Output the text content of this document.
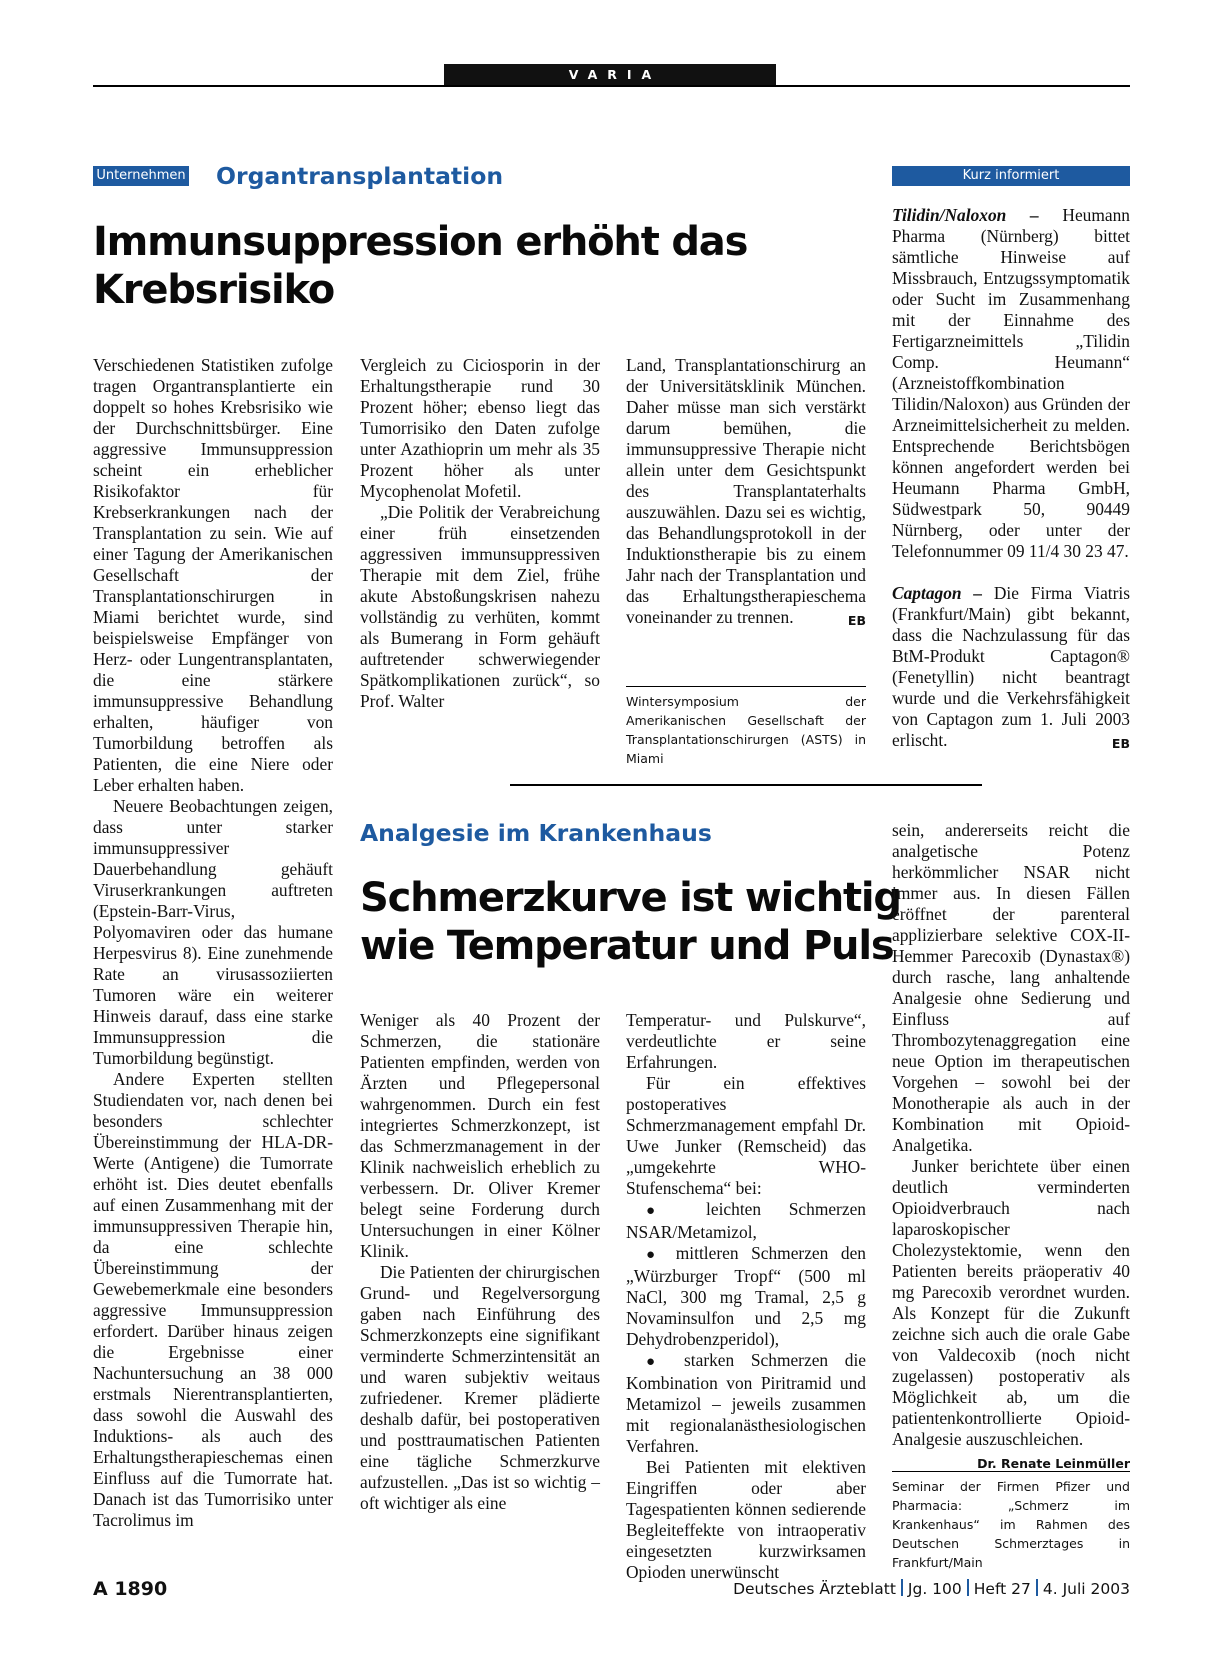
VARIA
Unternehmen Organtransplantation
Immunsuppression erhöht das
Krebsrisiko

Verschiedenen Statistiken zufolge tragen Organtransplantierte ein doppelt so hohes Krebsrisiko wie der Durchschnittsbürger. Eine aggressive Immunsuppression scheint ein erheblicher Risikofaktor für Krebserkrankungen nach der Transplantation zu sein. Wie auf einer Tagung der Amerikanischen Gesellschaft der Transplantationschirurgen in Miami berichtet wurde, sind beispielsweise Empfänger von Herz- oder Lungentransplantaten, die eine stärkere immunsuppressive Behandlung erhalten, häufiger von Tumorbildung betroffen als Patienten, die eine Niere oder Leber erhalten haben.

Neuere Beobachtungen zeigen, dass unter starker immunsuppressiver Dauerbehandlung gehäuft Viruserkrankungen auftreten (Epstein-Barr-Virus, Polyomaviren oder das humane Herpesvirus 8). Eine zunehmende Rate an virusassoziierten Tumoren wäre ein weiterer Hinweis darauf, dass eine starke Immunsuppression die Tumorbildung begünstigt.

Andere Experten stellten Studiendaten vor, nach denen bei besonders schlechter Übereinstimmung der HLA-DR-Werte (Antigene) die Tumorrate erhöht ist. Dies deutet ebenfalls auf einen Zusammenhang mit der immunsuppressiven Therapie hin, da eine schlechte Übereinstimmung der Gewebemerkmale eine besonders aggressive Immunsuppression erfordert. Darüber hinaus zeigen die Ergebnisse einer Nachuntersuchung an 38 000 erstmals Nierentransplantierten, dass sowohl die Auswahl des Induktions- als auch des Erhaltungstherapieschemas einen Einfluss auf die Tumorrate hat. Danach ist das Tumorrisiko unter Tacrolimus im

Vergleich zu Ciciosporin in der Erhaltungstherapie rund 30 Prozent höher; ebenso liegt das Tumorrisiko den Daten zufolge unter Azathioprin um mehr als 35 Prozent höher als unter Mycophenolat Mofetil.

„Die Politik der Verabreichung einer früh einsetzenden aggressiven immunsuppressiven Therapie mit dem Ziel, frühe akute Abstoßungskrisen nahezu vollständig zu verhüten, kommt als Bumerang in Form gehäuft auftretender schwerwiegender Spätkomplikationen zurück“, so Prof. Walter

Land, Transplantationschirurg an der Universitätsklinik München. Daher müsse man sich verstärkt darum bemühen, die immunsuppressive Therapie nicht allein unter dem Gesichtspunkt des Transplantaterhalts auszuwählen. Dazu sei es wichtig, das Behandlungsprotokoll in der Induktionstherapie bis zu einem Jahr nach der Transplantation und das Erhaltungstherapieschema voneinander zu trennen.	EB

Wintersymposium der Amerikanischen Gesellschaft der Transplantationschirurgen (ASTS) in Miami
Kurz informiert

Tilidin/Naloxon – Heumann Pharma (Nürnberg) bittet sämtliche Hinweise auf Missbrauch, Entzugssymptomatik oder Sucht im Zusammenhang mit der Einnahme des Fertigarzneimittels „Tilidin Comp. Heumann“ (Arzneistoffkombination Tilidin/Naloxon) aus Gründen der Arzneimittelsicherheit zu melden. Entsprechende Berichtsbögen können angefordert werden bei Heumann Pharma GmbH, Südwestpark 50, 90449 Nürnberg, oder unter der Telefonnummer 09 11/4 30 23 47.

Captagon – Die Firma Viatris (Frankfurt/Main) gibt bekannt, dass die Nachzulassung für das BtM-Produkt Captagon® (Fenetyllin) nicht beantragt wurde und die Verkehrsfähigkeit von Captagon zum 1. Juli 2003 erlischt.	EB

Analgesie im Krankenhaus
Schmerzkurve ist wichtig
wie Temperatur und Puls

Weniger als 40 Prozent der Schmerzen, die stationäre Patienten empfinden, werden von Ärzten und Pflegepersonal wahrgenommen. Durch ein fest integriertes Schmerzkonzept, ist das Schmerzmanagement in der Klinik nachweislich erheblich zu verbessern. Dr. Oliver Kremer belegt seine Forderung durch Untersuchungen in einer Kölner Klinik.

Die Patienten der chirurgischen Grund- und Regelversorgung gaben nach Einführung des Schmerzkonzepts eine signifikant verminderte Schmerzintensität an und waren subjektiv weitaus zufriedener. Kremer plädierte deshalb dafür, bei postoperativen und posttraumatischen Patienten eine tägliche Schmerzkurve aufzustellen. „Das ist so wichtig – oft wichtiger als eine

Temperatur- und Pulskurve“, verdeutlichte er seine Erfahrungen.

Für ein effektives postoperatives Schmerzmanagement empfahl Dr. Uwe Junker (Remscheid) das „umgekehrte WHO-Stufenschema“ bei:

● leichten Schmerzen NSAR/Metamizol,

● mittleren Schmerzen den „Würzburger Tropf“ (500 ml NaCl, 300 mg Tramal, 2,5 g Novaminsulfon und 2,5 mg Dehydrobenzperidol),

● starken Schmerzen die Kombination von Piritramid und Metamizol – jeweils zusammen mit regionalanästhesiologischen Verfahren.

Bei Patienten mit elektiven Eingriffen oder aber Tagespatienten können sedierende Begleiteffekte von intraoperativ eingesetzten kurzwirksamen Opioden unerwünscht

sein, andererseits reicht die analgetische Potenz herkömmlicher NSAR nicht immer aus. In diesen Fällen eröffnet der parenteral applizierbare selektive COX-II-Hemmer Parecoxib (Dynastax®) durch rasche, lang anhaltende Analgesie ohne Sedierung und Einfluss auf Thrombozytenaggregation eine neue Option im therapeutischen Vorgehen – sowohl bei der Monotherapie als auch in der Kombination mit Opioid-Analgetika.

Junker berichtete über einen deutlich verminderten Opioidverbrauch nach laparoskopischer Cholezystektomie, wenn den Patienten bereits präoperativ 40 mg Parecoxib verordnet wurden. Als Konzept für die Zukunft zeichne sich auch die orale Gabe von Valdecoxib (noch nicht zugelassen) postoperativ als Möglichkeit ab, um die patientenkontrollierte Opioid-Analgesie auszuschleichen.
Dr. Renate Leinmüller

Seminar der Firmen Pfizer und Pharmacia: „Schmerz im Krankenhaus“ im Rahmen des Deutschen Schmerztages in Frankfurt/Main
A 1890	Deutsches Ärzteblatt Jg. 100 Heft 27 4. Juli 2003
